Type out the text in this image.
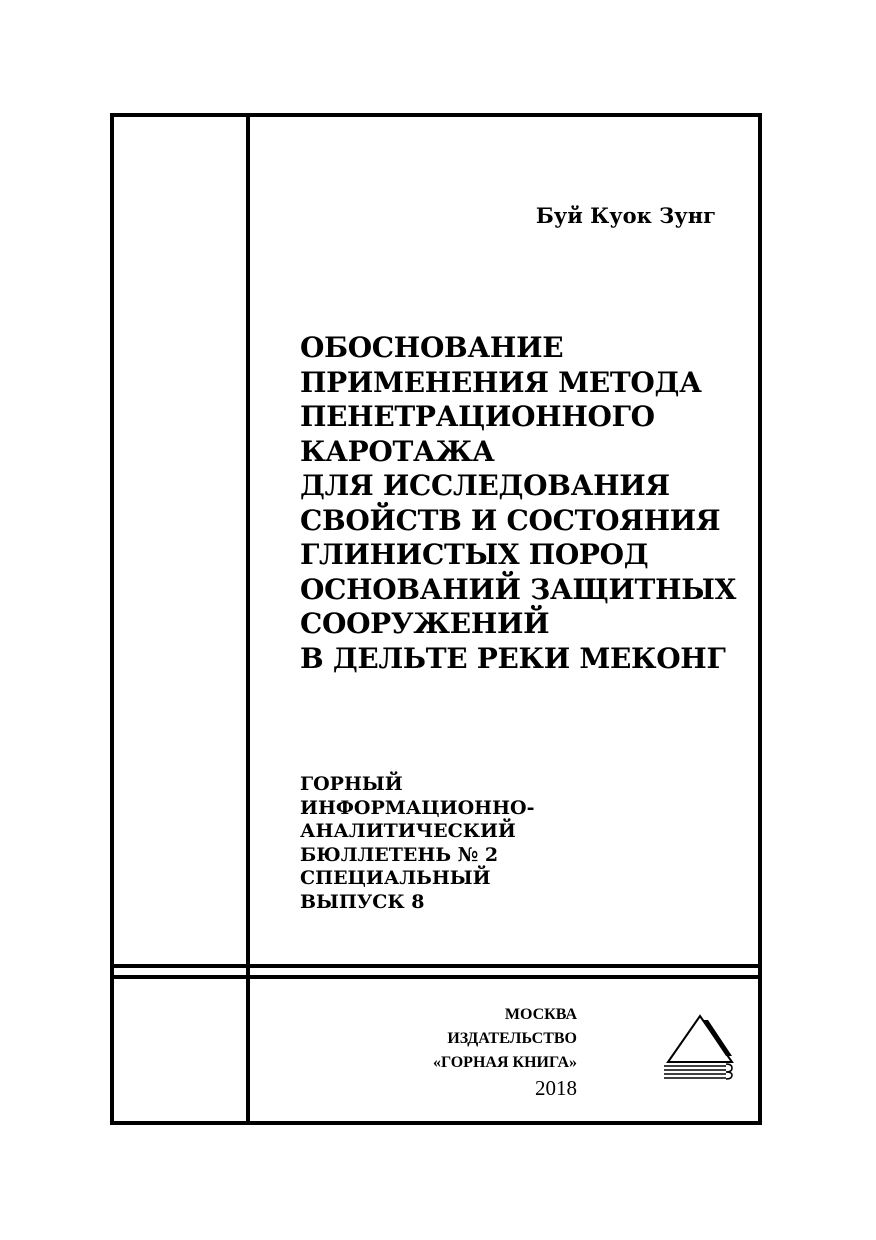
Буй Куок Зунг
ОБОСНОВАНИЕ
ПРИМЕНЕНИЯ МЕТОДА
ПЕНЕТРАЦИОННОГО
КАРОТАЖА
ДЛЯ ИССЛЕДОВАНИЯ
СВОЙСТВ И СОСТОЯНИЯ
ГЛИНИСТЫХ ПОРОД
ОСНОВАНИЙ ЗАЩИТНЫХ
СООРУЖЕНИЙ
В ДЕЛЬТЕ РЕКИ МЕКОНГ
ГОРНЫЙ
ИНФОРМАЦИОННО-
АНАЛИТИЧЕСКИЙ
БЮЛЛЕТЕНЬ № 2
СПЕЦИАЛЬНЫЙ
ВЫПУСК 8
МОСКВА
ИЗДАТЕЛЬСТВО
«ГОРНАЯ КНИГА»
2018
